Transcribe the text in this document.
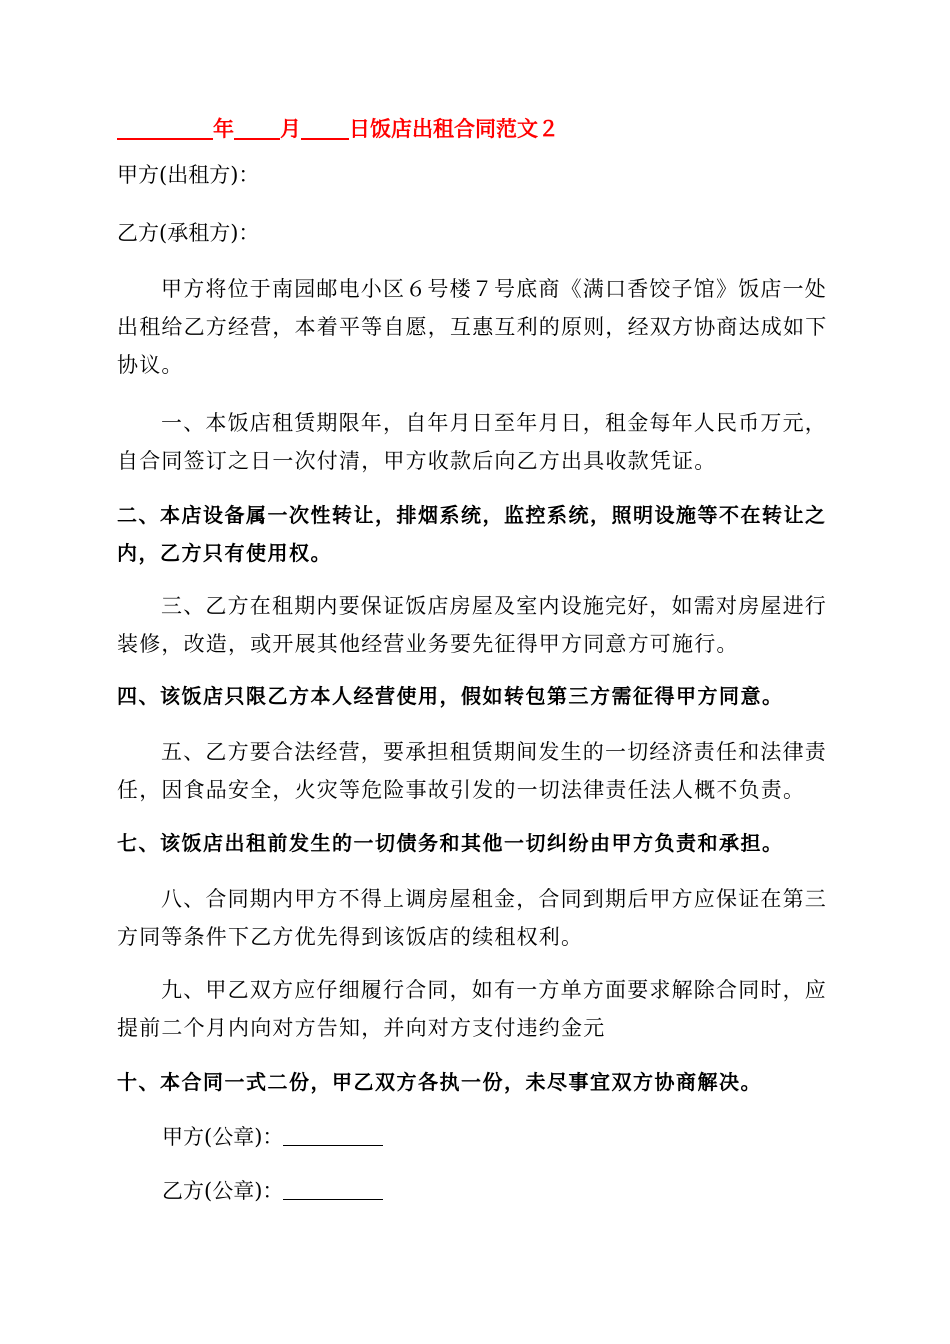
年 月 日饭店出租合同范文２
甲方(出租方)：
乙方(承租方)：
甲方将位于南园邮电小区６号楼７号底商《满口香饺子馆》饭店一处出租给乙方经营，本着平等自愿，互惠互利的原则，经双方协商达成如下协议。
一、本饭店租赁期限年，自年月日至年月日，租金每年人民币万元，自合同签订之日一次付清，甲方收款后向乙方出具收款凭证。
二、本店设备属一次性转让，排烟系统，监控系统，照明设施等不在转让之内，乙方只有使用权。
三、乙方在租期内要保证饭店房屋及室内设施完好，如需对房屋进行装修，改造，或开展其他经营业务要先征得甲方同意方可施行。
四、该饭店只限乙方本人经营使用，假如转包第三方需征得甲方同意。
五、乙方要合法经营，要承担租赁期间发生的一切经济责任和法律责任，因食品安全，火灾等危险事故引发的一切法律责任法人概不负责。
七、该饭店出租前发生的一切债务和其他一切纠纷由甲方负责和承担。
八、合同期内甲方不得上调房屋租金，合同到期后甲方应保证在第三方同等条件下乙方优先得到该饭店的续租权利。
九、甲乙双方应仔细履行合同，如有一方单方面要求解除合同时，应提前二个月内向对方告知，并向对方支付违约金元
十、本合同一式二份，甲乙双方各执一份，未尽事宜双方协商解决。
甲方(公章)：
乙方(公章)：
